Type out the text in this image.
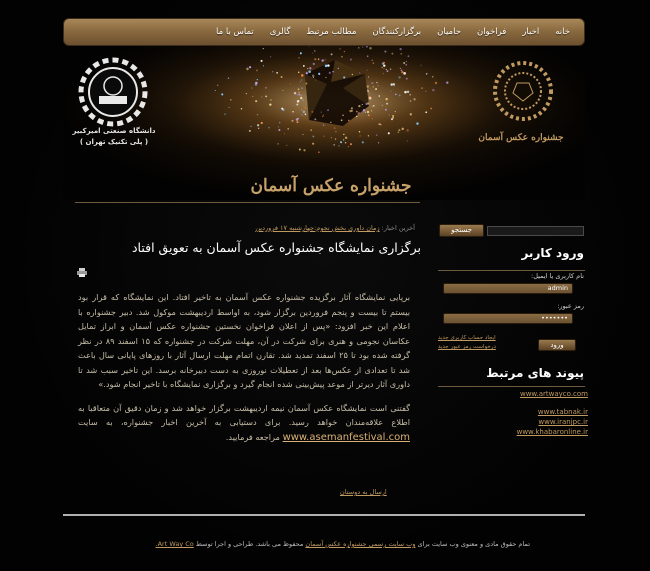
خانه
اخبار
فراخوان
حامیان
برگزارکنندگان
مطالب مرتبط
گالری
تماس با ما
دانشگاه صنعتی امیرکبیر
( پلی تکنیک تهران )	جشنواره عکس آسمان
جشنواره عکس آسمان
آخرین اخبار: زمان داوری بخش نجوم:چهارشنبه ۱۷ فروردین
برگزاری نمایشگاه جشنواره عکس آسمان به تعویق افتاد

برپایی نمایشگاه آثار برگزیده جشنواره عکس آسمان به تاخیر افتاد. این نمایشگاه که قرار بود بیستم تا بیست و پنجم فروردین برگزار شود، به اواسط اردیبهشت موکول شد. دبیر جشنواره با اعلام این خبر افزود: «پس از اعلان فراخوان نخستین جشنواره عکس آسمان و ابراز تمایل عکاسان نجومی و هنری برای شرکت در آن، مهلت شرکت در جشنواره که ۱۵ اسفند ۸۹ در نظر گرفته شده بود تا ۲۵ اسفند تمدید شد. تقارن اتمام مهلت ارسال آثار با روزهای پایانی سال باعث شد تا تعدادی از عکس‌ها بعد از تعطیلات نوروزی به دست دبیرخانه برسد. این تاخیر سبب شد تا داوری آثار دیرتر از موعد پیش‌بینی شده انجام گیرد و برگزاری نمایشگاه با تاخیر انجام شود.»

گفتنی است نمایشگاه عکس آسمان نیمه اردیبهشت برگزار خواهد شد و زمان دقیق آن متعاقبا به اطلاع علاقه‌مندان خواهد رسید. برای دستیابی به آخرین اخبار جشنواره، به سایت www.asemanfestival.com مراجعه فرمایید.

ارسال به دوستان
جستجو
ورود کاربر
نام کاربری یا ایمیل:
admin
رمز عبور:
•••••••
ایجاد حساب کاربری جدید
درخواست رمز عبور جدید	ورود
پیوند های مرتبط
www.artwayco.com
www.tabnak.ir
www.iranjpc.ir
www.khabaronline.ir
تمام حقوق مادی و معنوی وب سایت برای وب سایت رسمی جشنواره عکس آسمان محفوظ می باشد. طراحی و اجرا توسط Art Way Co.
